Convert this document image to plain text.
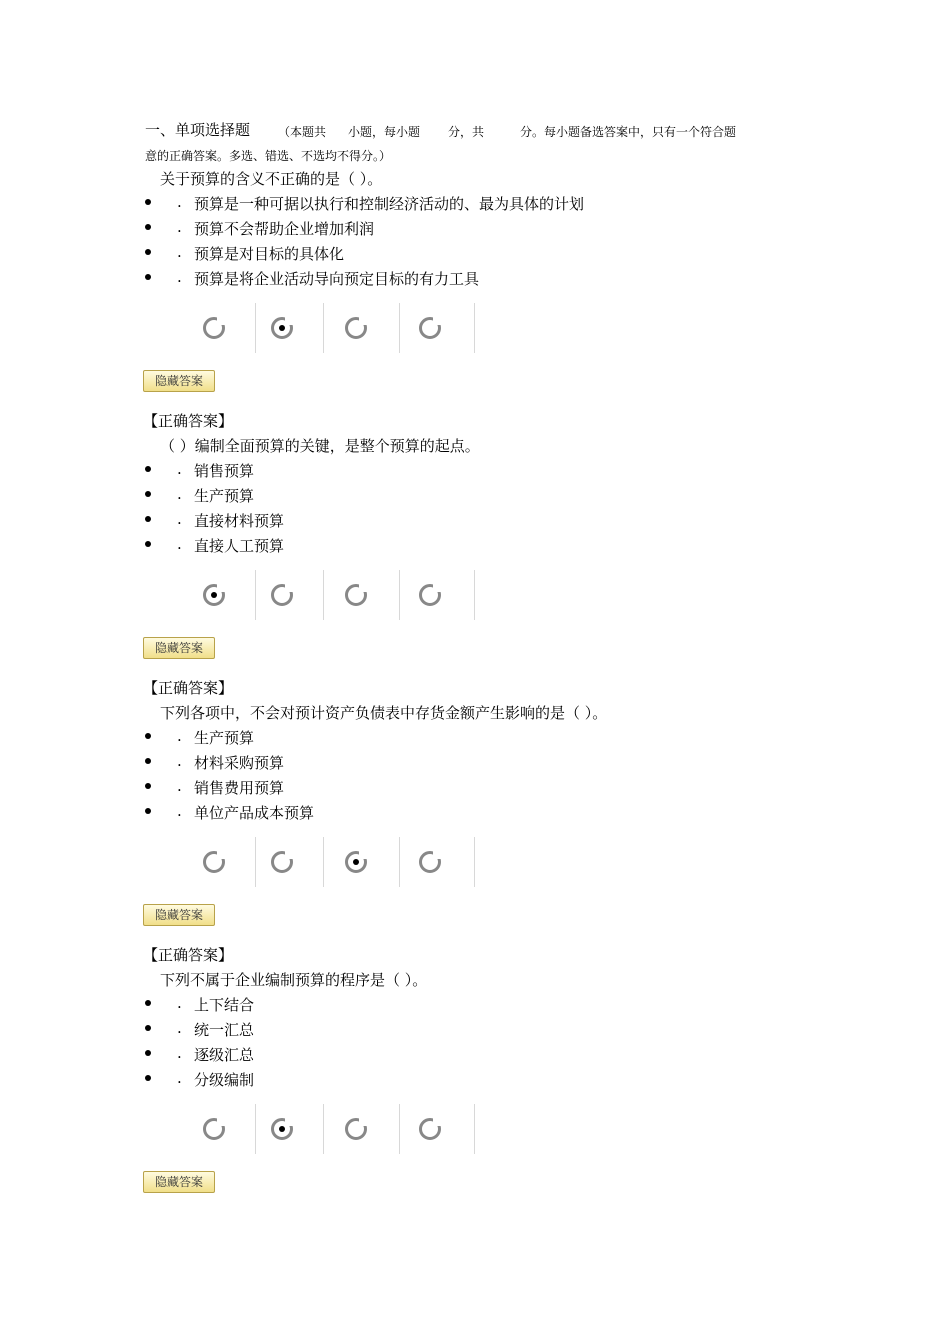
一、单项选择题 （本题共 小题，每小题 分，共	分。每小题备选答案中，只有一个符合题
意的正确答案。多选、错选、不选均不得分。）
关于预算的含义不正确的是（ ）。
. 预算是一种可据以执行和控制经济活动的、最为具体的计划
. 预算不会帮助企业增加利润
. 预算是对目标的具体化
. 预算是将企业活动导向预定目标的有力工具
隐藏答案
【正确答案】
（ ）编制全面预算的关键，是整个预算的起点。
. 销售预算
. 生产预算
. 直接材料预算
. 直接人工预算
隐藏答案
【正确答案】
下列各项中，不会对预计资产负债表中存货金额产生影响的是（ ）。
. 生产预算
. 材料采购预算
. 销售费用预算
. 单位产品成本预算
隐藏答案
【正确答案】
下列不属于企业编制预算的程序是（ ）。
. 上下结合
. 统一汇总
. 逐级汇总
. 分级编制
隐藏答案
